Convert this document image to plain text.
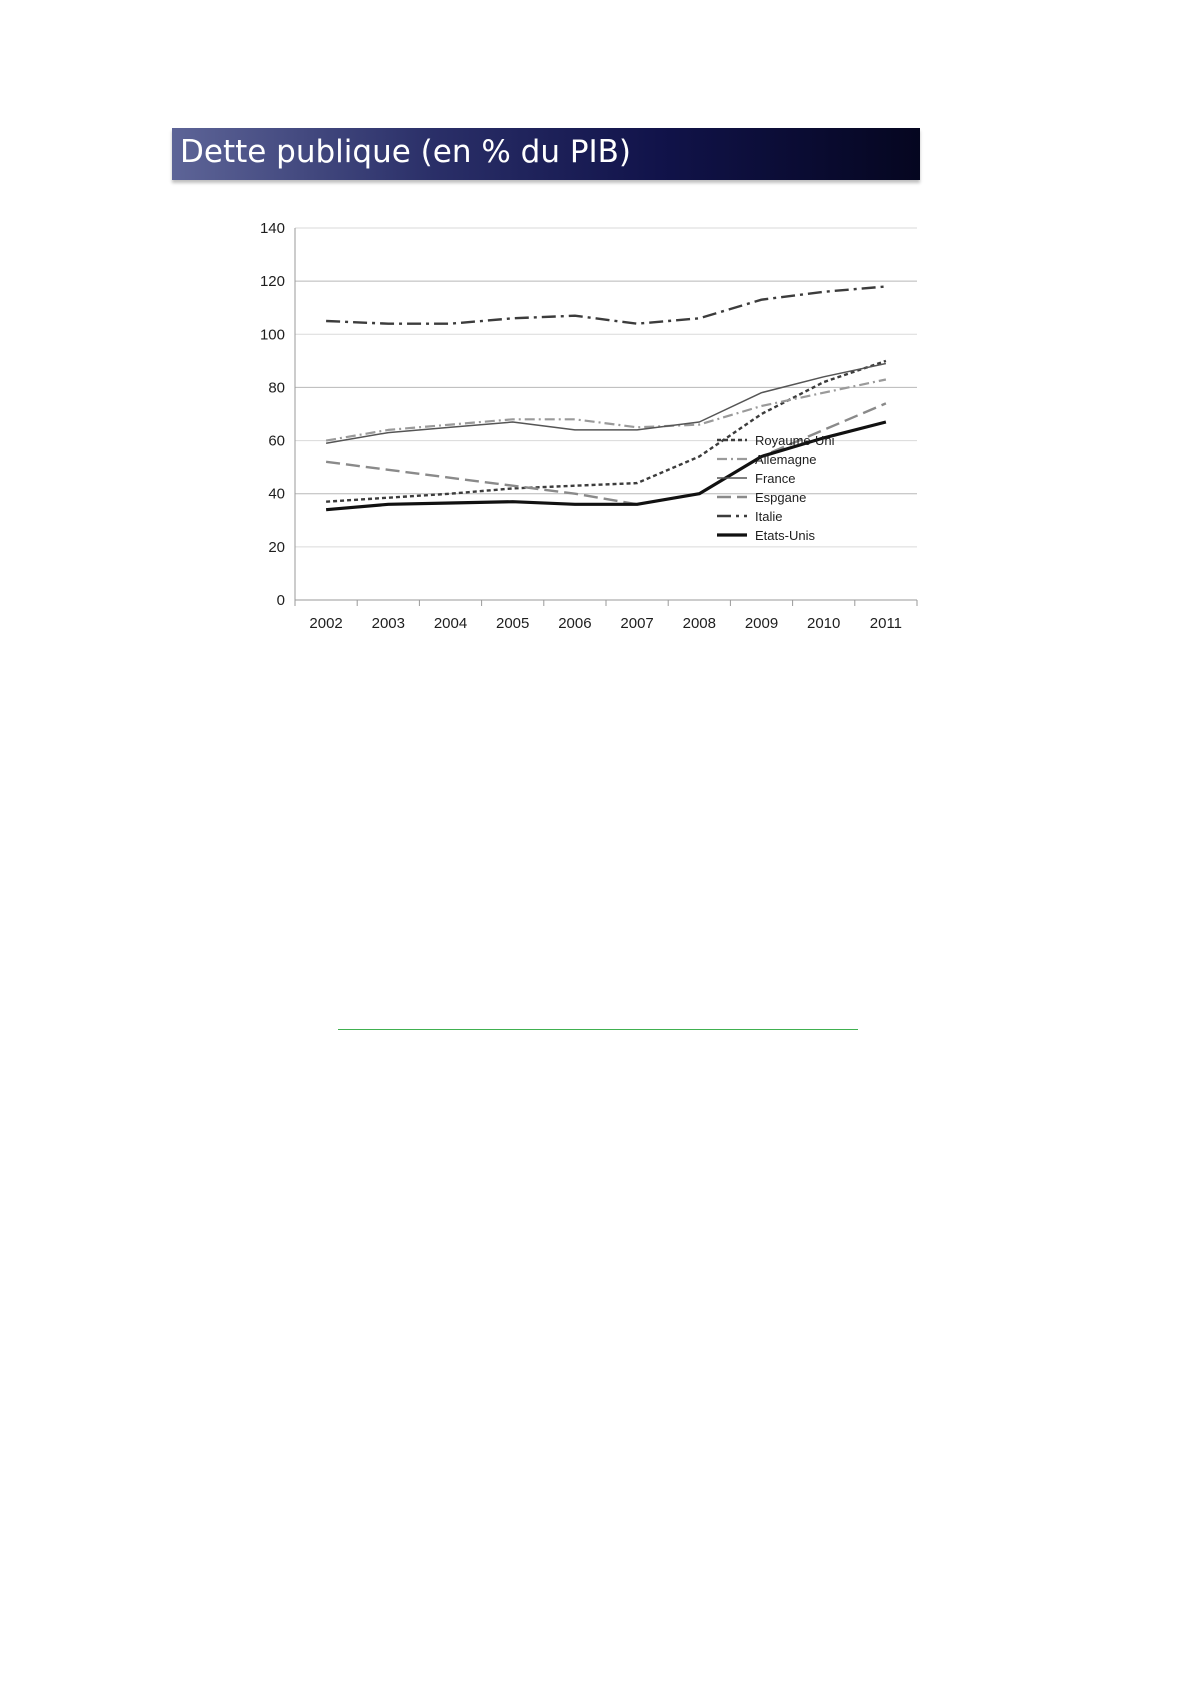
Dette publique (en % du PIB)
0
20
40
60
80
100
120
140
2002 2003 2004 2005 2006 2007 2008 2009 2010 2011
Royaume-Uni
Allemagne
France
Espgane
Italie
Etats-Unis
